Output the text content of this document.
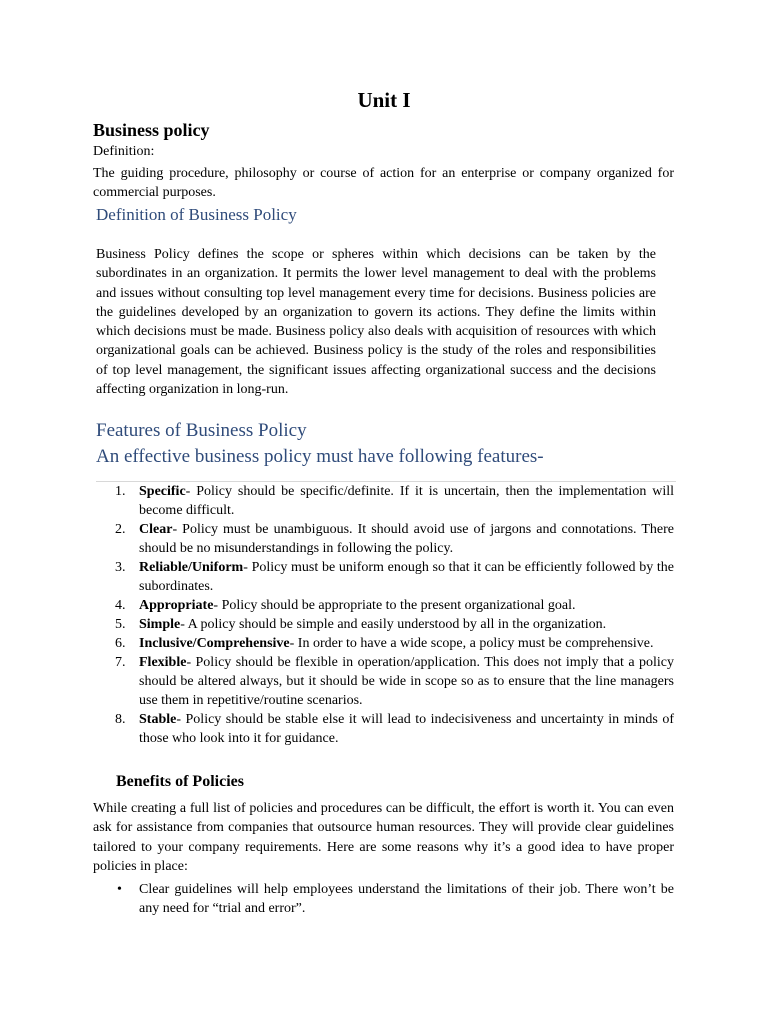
Unit I
Business policy

Definition:

The guiding procedure, philosophy or course of action for an enterprise or company organized for commercial purposes.

Definition of Business Policy

Business Policy defines the scope or spheres within which decisions can be taken by the subordinates in an organization. It permits the lower level management to deal with the problems and issues without consulting top level management every time for decisions. Business policies are the guidelines developed by an organization to govern its actions. They define the limits within which decisions must be made. Business policy also deals with acquisition of resources with which organizational goals can be achieved. Business policy is the study of the roles and responsibilities of top level management, the significant issues affecting organizational success and the decisions affecting organization in long-run.

Features of Business Policy
An effective business policy must have following features-
1. Specific- Policy should be specific/definite. If it is uncertain, then the implementation will become difficult.
2. Clear- Policy must be unambiguous. It should avoid use of jargons and connotations. There should be no misunderstandings in following the policy.
3. Reliable/Uniform- Policy must be uniform enough so that it can be efficiently followed by the subordinates.
4. Appropriate- Policy should be appropriate to the present organizational goal.
5. Simple- A policy should be simple and easily understood by all in the organization.
6. Inclusive/Comprehensive- In order to have a wide scope, a policy must be comprehensive.
7. Flexible- Policy should be flexible in operation/application. This does not imply that a policy should be altered always, but it should be wide in scope so as to ensure that the line managers use them in repetitive/routine scenarios.
8. Stable- Policy should be stable else it will lead to indecisiveness and uncertainty in minds of those who look into it for guidance.
Benefits of Policies

While creating a full list of policies and procedures can be difficult, the effort is worth it. You can even ask for assistance from companies that outsource human resources. They will provide clear guidelines tailored to your company requirements. Here are some reasons why it’s a good idea to have proper policies in place:

• Clear guidelines will help employees understand the limitations of their job. There won’t be any need for “trial and error”.
